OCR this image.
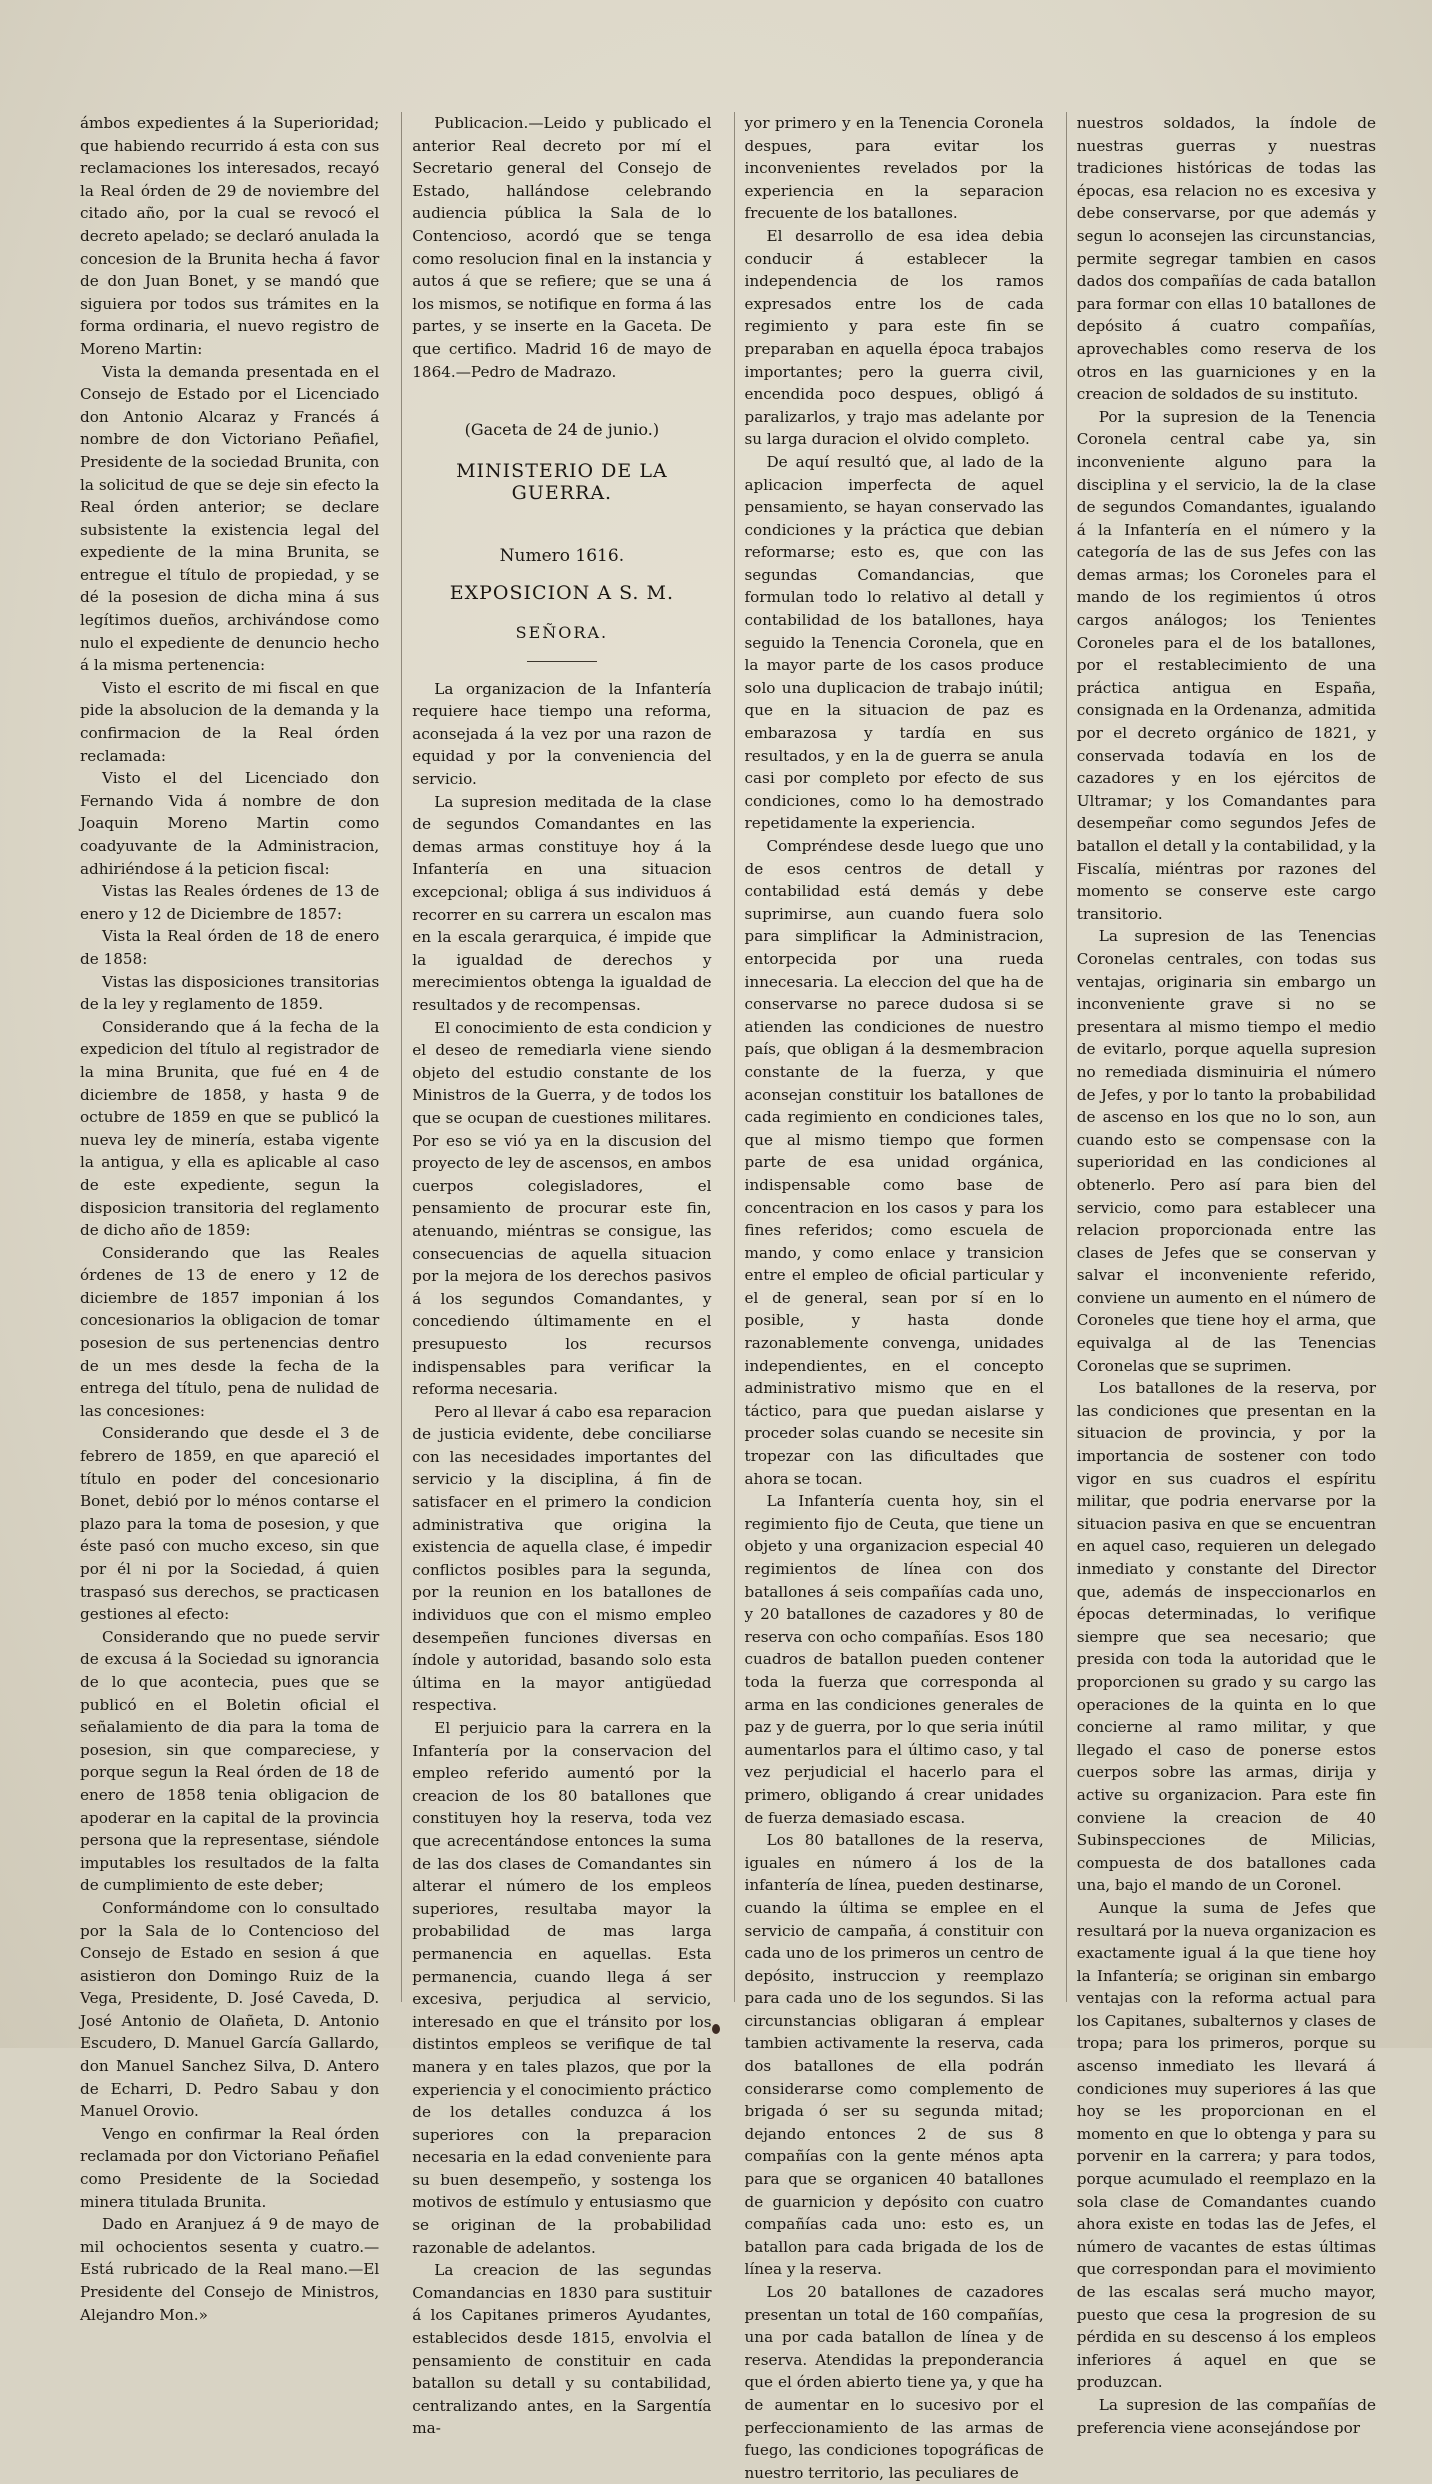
ámbos expedientes á la Superioridad; que habiendo recurrido á esta con sus reclamaciones los interesados, recayó la Real órden de 29 de noviembre del citado año, por la cual se revocó el decreto apelado; se declaró anulada la concesion de la Brunita hecha á favor de don Juan Bonet, y se mandó que siguiera por todos sus trámites en la forma ordinaria, el nuevo registro de Moreno Martin:

Vista la demanda presentada en el Consejo de Estado por el Licenciado don Antonio Alcaraz y Francés á nombre de don Victoriano Peñafiel, Presidente de la sociedad Brunita, con la solicitud de que se deje sin efecto la Real órden anterior; se declare subsistente la existencia legal del expediente de la mina Brunita, se entregue el título de propiedad, y se dé la posesion de dicha mina á sus legítimos dueños, archivándose como nulo el expediente de denuncio hecho á la misma pertenencia:

Visto el escrito de mi fiscal en que pide la absolucion de la demanda y la confirmacion de la Real órden reclamada:

Visto el del Licenciado don Fernando Vida á nombre de don Joaquin Moreno Martin como coadyuvante de la Administracion, adhiriéndose á la peticion fiscal:

Vistas las Reales órdenes de 13 de enero y 12 de Diciembre de 1857:

Vista la Real órden de 18 de enero de 1858:

Vistas las disposiciones transitorias de la ley y reglamento de 1859.

Considerando que á la fecha de la expedicion del título al registrador de la mina Brunita, que fué en 4 de diciembre de 1858, y hasta 9 de octubre de 1859 en que se publicó la nueva ley de minería, estaba vigente la antigua, y ella es aplicable al caso de este expediente, segun la disposicion transitoria del reglamento de dicho año de 1859:

Considerando que las Reales órdenes de 13 de enero y 12 de diciembre de 1857 imponian á los concesionarios la obligacion de tomar posesion de sus pertenencias dentro de un mes desde la fecha de la entrega del título, pena de nulidad de las concesiones:

Considerando que desde el 3 de febrero de 1859, en que apareció el título en poder del concesionario Bonet, debió por lo ménos contarse el plazo para la toma de posesion, y que éste pasó con mucho exceso, sin que por él ni por la Sociedad, á quien traspasó sus derechos, se practicasen gestiones al efecto:

Considerando que no puede servir de excusa á la Sociedad su ignorancia de lo que acontecia, pues que se publicó en el Boletin oficial el señalamiento de dia para la toma de posesion, sin que compareciese, y porque segun la Real órden de 18 de enero de 1858 tenia obligacion de apoderar en la capital de la provincia persona que la representase, siéndole imputables los resultados de la falta de cumplimiento de este deber;

Conformándome con lo consultado por la Sala de lo Contencioso del Consejo de Estado en sesion á que asistieron don Domingo Ruiz de la Vega, Presidente, D. José Caveda, D. José Antonio de Olañeta, D. Antonio Escudero, D. Manuel García Gallardo, don Manuel Sanchez Silva, D. Antero de Echarri, D. Pedro Sabau y don Manuel Orovio.

Vengo en confirmar la Real órden reclamada por don Victoriano Peñafiel como Presidente de la Sociedad minera titulada Brunita.

Dado en Aranjuez á 9 de mayo de mil ochocientos sesenta y cuatro.—Está rubricado de la Real mano.—El Presidente del Consejo de Ministros, Alejandro Mon.»

Publicacion.—Leido y publicado el anterior Real decreto por mí el Secretario general del Consejo de Estado, hallándose celebrando audiencia pública la Sala de lo Contencioso, acordó que se tenga como resolucion final en la instancia y autos á que se refiere; que se una á los mismos, se notifique en forma á las partes, y se inserte en la Gaceta. De que certifico. Madrid 16 de mayo de 1864.—Pedro de Madrazo.

(Gaceta de 24 de junio.)
MINISTERIO DE LA GUERRA.
Numero 1616.
EXPOSICION A S. M.
SEÑORA.

La organizacion de la Infantería requiere hace tiempo una reforma, aconsejada á la vez por una razon de equidad y por la conveniencia del servicio.

La supresion meditada de la clase de segundos Comandantes en las demas armas constituye hoy á la Infantería en una situacion excepcional; obliga á sus individuos á recorrer en su carrera un escalon mas en la escala gerarquica, é impide que la igualdad de derechos y merecimientos obtenga la igualdad de resultados y de recompensas.

El conocimiento de esta condicion y el deseo de remediarla viene siendo objeto del estudio constante de los Ministros de la Guerra, y de todos los que se ocupan de cuestiones militares. Por eso se vió ya en la discusion del proyecto de ley de ascensos, en ambos cuerpos colegisladores, el pensamiento de procurar este fin, atenuando, miéntras se consigue, las consecuencias de aquella situacion por la mejora de los derechos pasivos á los segundos Comandantes, y concediendo últimamente en el presupuesto los recursos indispensables para verificar la reforma necesaria.

Pero al llevar á cabo esa reparacion de justicia evidente, debe conciliarse con las necesidades importantes del servicio y la disciplina, á fin de satisfacer en el primero la condicion administrativa que origina la existencia de aquella clase, é impedir conflictos posibles para la segunda, por la reunion en los batallones de individuos que con el mismo empleo desempeñen funciones diversas en índole y autoridad, basando solo esta última en la mayor antigüedad respectiva.

El perjuicio para la carrera en la Infantería por la conservacion del empleo referido aumentó por la creacion de los 80 batallones que constituyen hoy la reserva, toda vez que acrecentándose entonces la suma de las dos clases de Comandantes sin alterar el número de los empleos superiores, resultaba mayor la probabilidad de mas larga permanencia en aquellas. Esta permanencia, cuando llega á ser excesiva, perjudica al servicio, interesado en que el tránsito por los distintos empleos se verifique de tal manera y en tales plazos, que por la experiencia y el conocimiento práctico de los detalles conduzca á los superiores con la preparacion necesaria en la edad conveniente para su buen desempeño, y sostenga los motivos de estímulo y entusiasmo que se originan de la probabilidad razonable de adelantos.

La creacion de las segundas Comandancias en 1830 para sustituir á los Capitanes primeros Ayudantes, establecidos desde 1815, envolvia el pensamiento de constituir en cada batallon su detall y su contabilidad, centralizando antes, en la Sargentía ma-

yor primero y en la Tenencia Coronela despues, para evitar los inconvenientes revelados por la experiencia en la separacion frecuente de los batallones.

El desarrollo de esa idea debia conducir á establecer la independencia de los ramos expresados entre los de cada regimiento y para este fin se preparaban en aquella época trabajos importantes; pero la guerra civil, encendida poco despues, obligó á paralizarlos, y trajo mas adelante por su larga duracion el olvido completo.

De aquí resultó que, al lado de la aplicacion imperfecta de aquel pensamiento, se hayan conservado las condiciones y la práctica que debian reformarse; esto es, que con las segundas Comandancias, que formulan todo lo relativo al detall y contabilidad de los batallones, haya seguido la Tenencia Coronela, que en la mayor parte de los casos produce solo una duplicacion de trabajo inútil; que en la situacion de paz es embarazosa y tardía en sus resultados, y en la de guerra se anula casi por completo por efecto de sus condiciones, como lo ha demostrado repetidamente la experiencia.

Compréndese desde luego que uno de esos centros de detall y contabilidad está demás y debe suprimirse, aun cuando fuera solo para simplificar la Administracion, entorpecida por una rueda innecesaria. La eleccion del que ha de conservarse no parece dudosa si se atienden las condiciones de nuestro país, que obligan á la desmembracion constante de la fuerza, y que aconsejan constituir los batallones de cada regimiento en condiciones tales, que al mismo tiempo que formen parte de esa unidad orgánica, indispensable como base de concentracion en los casos y para los fines referidos; como escuela de mando, y como enlace y transicion entre el empleo de oficial particular y el de general, sean por sí en lo posible, y hasta donde razonablemente convenga, unidades independientes, en el concepto administrativo mismo que en el táctico, para que puedan aislarse y proceder solas cuando se necesite sin tropezar con las dificultades que ahora se tocan.

La Infantería cuenta hoy, sin el regimiento fijo de Ceuta, que tiene un objeto y una organizacion especial 40 regimientos de línea con dos batallones á seis compañías cada uno, y 20 batallones de cazadores y 80 de reserva con ocho compañías. Esos 180 cuadros de batallon pueden contener toda la fuerza que corresponda al arma en las condiciones generales de paz y de guerra, por lo que seria inútil aumentarlos para el último caso, y tal vez perjudicial el hacerlo para el primero, obligando á crear unidades de fuerza demasiado escasa.

Los 80 batallones de la reserva, iguales en número á los de la infantería de línea, pueden destinarse, cuando la última se emplee en el servicio de campaña, á constituir con cada uno de los primeros un centro de depósito, instruccion y reemplazo para cada uno de los segundos. Si las circunstancias obligaran á emplear tambien activamente la reserva, cada dos batallones de ella podrán considerarse como complemento de brigada ó ser su segunda mitad; dejando entonces 2 de sus 8 compañías con la gente ménos apta para que se organicen 40 batallones de guarnicion y depósito con cuatro compañías cada uno: esto es, un batallon para cada brigada de los de línea y la reserva.

Los 20 batallones de cazadores presentan un total de 160 compañías, una por cada batallon de línea y de reserva. Atendidas la preponderancia que el órden abierto tiene ya, y que ha de aumentar en lo sucesivo por el perfeccionamiento de las armas de fuego, las condiciones topográficas de nuestro territorio, las peculiares de

nuestros soldados, la índole de nuestras guerras y nuestras tradiciones históricas de todas las épocas, esa relacion no es excesiva y debe conservarse, por que además y segun lo aconsejen las circunstancias, permite segregar tambien en casos dados dos compañías de cada batallon para formar con ellas 10 batallones de depósito á cuatro compañías, aprovechables como reserva de los otros en las guarniciones y en la creacion de soldados de su instituto.

Por la supresion de la Tenencia Coronela central cabe ya, sin inconveniente alguno para la disciplina y el servicio, la de la clase de segundos Comandantes, igualando á la Infantería en el número y la categoría de las de sus Jefes con las demas armas; los Coroneles para el mando de los regimientos ú otros cargos análogos; los Tenientes Coroneles para el de los batallones, por el restablecimiento de una práctica antigua en España, consignada en la Ordenanza, admitida por el decreto orgánico de 1821, y conservada todavía en los de cazadores y en los ejércitos de Ultramar; y los Comandantes para desempeñar como segundos Jefes de batallon el detall y la contabilidad, y la Fiscalía, miéntras por razones del momento se conserve este cargo transitorio.

La supresion de las Tenencias Coronelas centrales, con todas sus ventajas, originaria sin embargo un inconveniente grave si no se presentara al mismo tiempo el medio de evitarlo, porque aquella supresion no remediada disminuiria el número de Jefes, y por lo tanto la probabilidad de ascenso en los que no lo son, aun cuando esto se compensase con la superioridad en las condiciones al obtenerlo. Pero así para bien del servicio, como para establecer una relacion proporcionada entre las clases de Jefes que se conservan y salvar el inconveniente referido, conviene un aumento en el número de Coroneles que tiene hoy el arma, que equivalga al de las Tenencias Coronelas que se suprimen.

Los batallones de la reserva, por las condiciones que presentan en la situacion de provincia, y por la importancia de sostener con todo vigor en sus cuadros el espíritu militar, que podria enervarse por la situacion pasiva en que se encuentran en aquel caso, requieren un delegado inmediato y constante del Director que, además de inspeccionarlos en épocas determinadas, lo verifique siempre que sea necesario; que presida con toda la autoridad que le proporcionen su grado y su cargo las operaciones de la quinta en lo que concierne al ramo militar, y que llegado el caso de ponerse estos cuerpos sobre las armas, dirija y active su organizacion. Para este fin conviene la creacion de 40 Subinspecciones de Milicias, compuesta de dos batallones cada una, bajo el mando de un Coronel.

Aunque la suma de Jefes que resultará por la nueva organizacion es exactamente igual á la que tiene hoy la Infantería; se originan sin embargo ventajas con la reforma actual para los Capitanes, subalternos y clases de tropa; para los primeros, porque su ascenso inmediato les llevará á condiciones muy superiores á las que hoy se les proporcionan en el momento en que lo obtenga y para su porvenir en la carrera; y para todos, porque acumulado el reemplazo en la sola clase de Comandantes cuando ahora existe en todas las de Jefes, el número de vacantes de estas últimas que correspondan para el movimiento de las escalas será mucho mayor, puesto que cesa la progresion de su pérdida en su descenso á los empleos inferiores á aquel en que se produzcan.

La supresion de las compañías de preferencia viene aconsejándose por
